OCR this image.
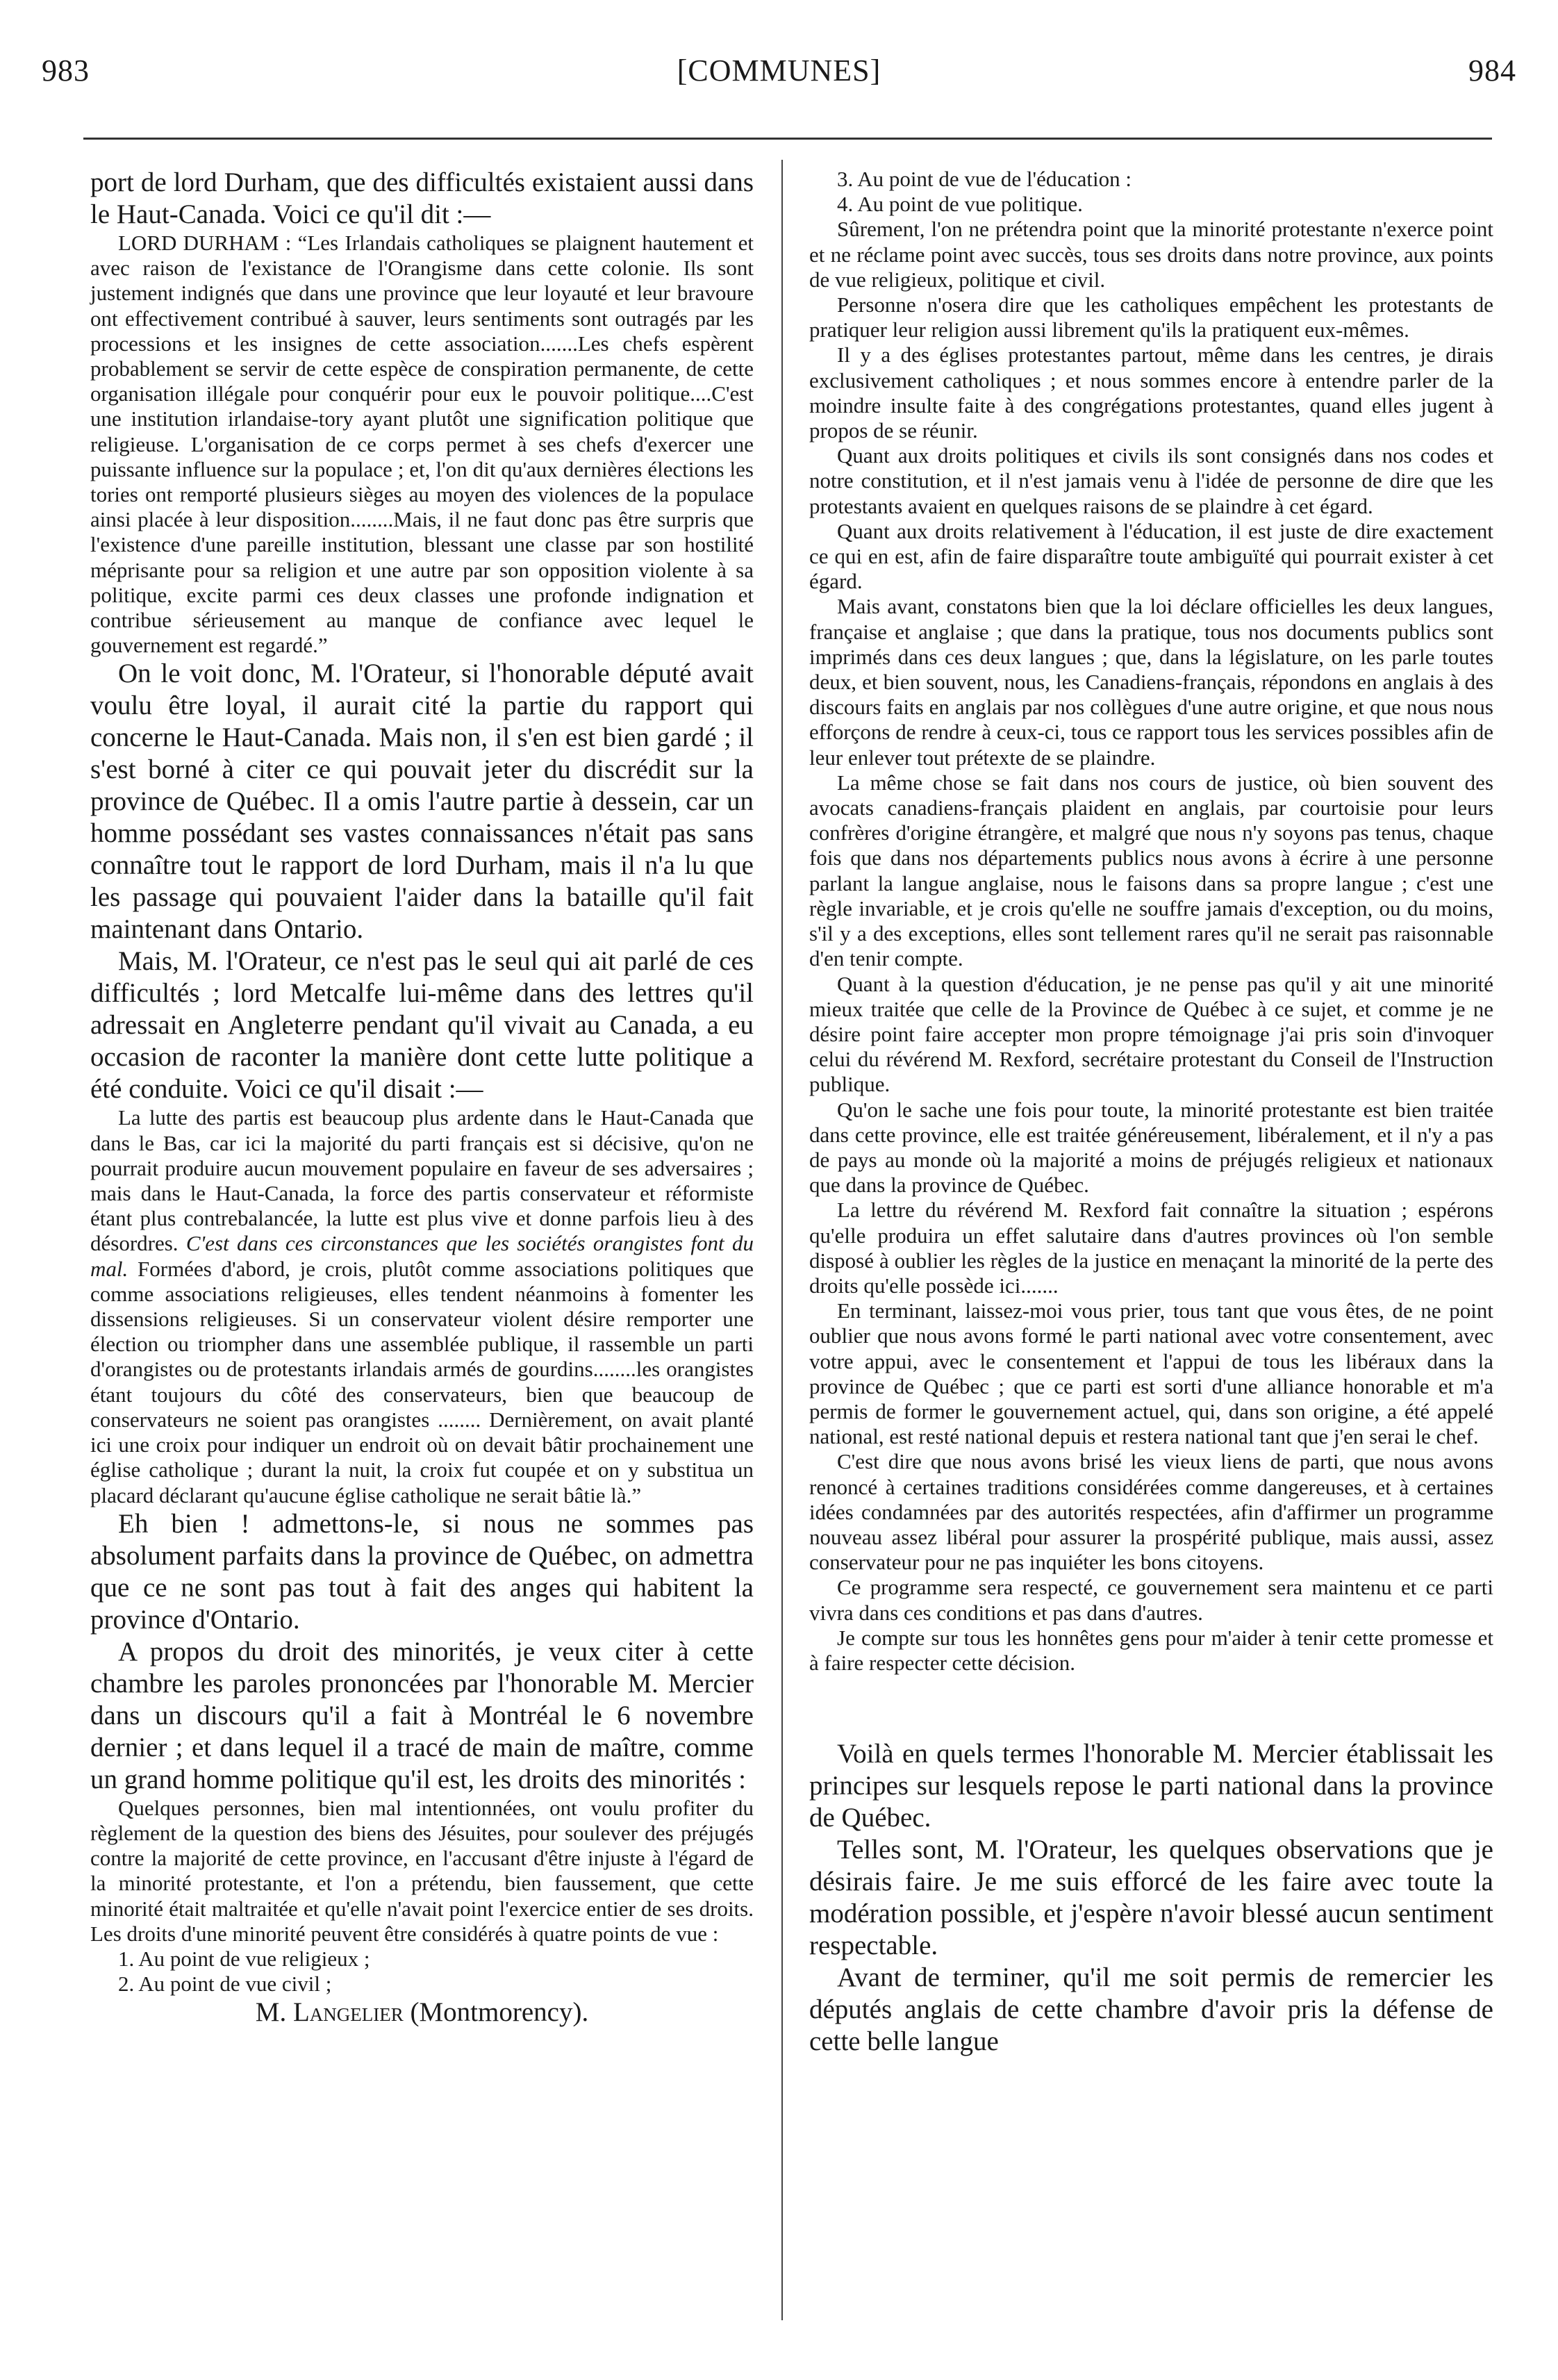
983	[COMMUNES]	984

port de lord Durham, que des difficultés existaient aussi dans le Haut-Canada. Voici ce qu'il dit :—

LORD DURHAM : “Les Irlandais catholiques se plaignent hautement et avec raison de l'existance de l'Orangisme dans cette colonie. Ils sont justement indignés que dans une province que leur loyauté et leur bravoure ont effectivement contribué à sauver, leurs sentiments sont outragés par les processions et les insignes de cette association.......Les chefs espèrent probablement se servir de cette espèce de conspiration permanente, de cette organisation illégale pour conquérir pour eux le pouvoir politique....C'est une institution irlandaise-tory ayant plutôt une signification politique que religieuse. L'organisation de ce corps permet à ses chefs d'exercer une puissante influence sur la populace ; et, l'on dit qu'aux dernières élections les tories ont remporté plusieurs sièges au moyen des violences de la populace ainsi placée à leur disposition........Mais, il ne faut donc pas être surpris que l'existence d'une pareille institution, blessant une classe par son hostilité méprisante pour sa religion et une autre par son opposition violente à sa politique, excite parmi ces deux classes une profonde indignation et contribue sérieusement au manque de confiance avec lequel le gouvernement est regardé.”

On le voit donc, M. l'Orateur, si l'honorable député avait voulu être loyal, il aurait cité la partie du rapport qui concerne le Haut-Canada. Mais non, il s'en est bien gardé ; il s'est borné à citer ce qui pouvait jeter du discrédit sur la province de Québec. Il a omis l'autre partie à dessein, car un homme possédant ses vastes connaissances n'était pas sans connaître tout le rapport de lord Durham, mais il n'a lu que les passage qui pouvaient l'aider dans la bataille qu'il fait maintenant dans Ontario.

Mais, M. l'Orateur, ce n'est pas le seul qui ait parlé de ces difficultés ; lord Metcalfe lui-même dans des lettres qu'il adressait en Angleterre pendant qu'il vivait au Canada, a eu occasion de raconter la manière dont cette lutte politique a été conduite. Voici ce qu'il disait :—

La lutte des partis est beaucoup plus ardente dans le Haut-Canada que dans le Bas, car ici la majorité du parti français est si décisive, qu'on ne pourrait produire aucun mouvement populaire en faveur de ses adversaires ; mais dans le Haut-Canada, la force des partis conservateur et réformiste étant plus contrebalancée, la lutte est plus vive et donne parfois lieu à des désordres. C'est dans ces circonstances que les sociétés orangistes font du mal. Formées d'abord, je crois, plutôt comme associations politiques que comme associations religieuses, elles tendent néanmoins à fomenter les dissensions religieuses. Si un conservateur violent désire remporter une élection ou triompher dans une assemblée publique, il rassemble un parti d'orangistes ou de protestants irlandais armés de gourdins........les orangistes étant toujours du côté des conservateurs, bien que beaucoup de conservateurs ne soient pas orangistes ........ Dernièrement, on avait planté ici une croix pour indiquer un endroit où on devait bâtir prochainement une église catholique ; durant la nuit, la croix fut coupée et on y substitua un placard déclarant qu'aucune église catholique ne serait bâtie là.”

Eh bien ! admettons-le, si nous ne sommes pas absolument parfaits dans la province de Québec, on admettra que ce ne sont pas tout à fait des anges qui habitent la province d'Ontario.

A propos du droit des minorités, je veux citer à cette chambre les paroles prononcées par l'honorable M. Mercier dans un discours qu'il a fait à Montréal le 6 novembre dernier ; et dans lequel il a tracé de main de maître, comme un grand homme politique qu'il est, les droits des minorités :

Quelques personnes, bien mal intentionnées, ont voulu profiter du règlement de la question des biens des Jésuites, pour soulever des préjugés contre la majorité de cette province, en l'accusant d'être injuste à l'égard de la minorité protestante, et l'on a prétendu, bien faussement, que cette minorité était maltraitée et qu'elle n'avait point l'exercice entier de ses droits. Les droits d'une minorité peuvent être considérés à quatre points de vue :

1. Au point de vue religieux ;

2. Au point de vue civil ;

M. Langelier (Montmorency).

3. Au point de vue de l'éducation :

4. Au point de vue politique.

Sûrement, l'on ne prétendra point que la minorité protestante n'exerce point et ne réclame point avec succès, tous ses droits dans notre province, aux points de vue religieux, politique et civil.

Personne n'osera dire que les catholiques empêchent les protestants de pratiquer leur religion aussi librement qu'ils la pratiquent eux-mêmes.

Il y a des églises protestantes partout, même dans les centres, je dirais exclusivement catholiques ; et nous sommes encore à entendre parler de la moindre insulte faite à des congrégations protestantes, quand elles jugent à propos de se réunir.

Quant aux droits politiques et civils ils sont consignés dans nos codes et notre constitution, et il n'est jamais venu à l'idée de personne de dire que les protestants avaient en quelques raisons de se plaindre à cet égard.

Quant aux droits relativement à l'éducation, il est juste de dire exactement ce qui en est, afin de faire disparaître toute ambiguïté qui pourrait exister à cet égard.

Mais avant, constatons bien que la loi déclare officielles les deux langues, française et anglaise ; que dans la pratique, tous nos documents publics sont imprimés dans ces deux langues ; que, dans la législature, on les parle toutes deux, et bien souvent, nous, les Canadiens-français, répondons en anglais à des discours faits en anglais par nos collègues d'une autre origine, et que nous nous efforçons de rendre à ceux-ci, tous ce rapport tous les services possibles afin de leur enlever tout prétexte de se plaindre.

La même chose se fait dans nos cours de justice, où bien souvent des avocats canadiens-français plaident en anglais, par courtoisie pour leurs confrères d'origine étrangère, et malgré que nous n'y soyons pas tenus, chaque fois que dans nos départements publics nous avons à écrire à une personne parlant la langue anglaise, nous le faisons dans sa propre langue ; c'est une règle invariable, et je crois qu'elle ne souffre jamais d'exception, ou du moins, s'il y a des exceptions, elles sont tellement rares qu'il ne serait pas raisonnable d'en tenir compte.

Quant à la question d'éducation, je ne pense pas qu'il y ait une minorité mieux traitée que celle de la Province de Québec à ce sujet, et comme je ne désire point faire accepter mon propre témoignage j'ai pris soin d'invoquer celui du révérend M. Rexford, secrétaire protestant du Conseil de l'Instruction publique.

Qu'on le sache une fois pour toute, la minorité protestante est bien traitée dans cette province, elle est traitée généreusement, libéralement, et il n'y a pas de pays au monde où la majorité a moins de préjugés religieux et nationaux que dans la province de Québec.

La lettre du révérend M. Rexford fait connaître la situation ; espérons qu'elle produira un effet salutaire dans d'autres provinces où l'on semble disposé à oublier les règles de la justice en menaçant la minorité de la perte des droits qu'elle possède ici.......

En terminant, laissez-moi vous prier, tous tant que vous êtes, de ne point oublier que nous avons formé le parti national avec votre consentement, avec votre appui, avec le consentement et l'appui de tous les libéraux dans la province de Québec ; que ce parti est sorti d'une alliance honorable et m'a permis de former le gouvernement actuel, qui, dans son origine, a été appelé national, est resté national depuis et restera national tant que j'en serai le chef.

C'est dire que nous avons brisé les vieux liens de parti, que nous avons renoncé à certaines traditions considérées comme dangereuses, et à certaines idées condamnées par des autorités respectées, afin d'affirmer un programme nouveau assez libéral pour assurer la prospérité publique, mais aussi, assez conservateur pour ne pas inquiéter les bons citoyens.

Ce programme sera respecté, ce gouvernement sera maintenu et ce parti vivra dans ces conditions et pas dans d'autres.

Je compte sur tous les honnêtes gens pour m'aider à tenir cette promesse et à faire respecter cette décision.

Voilà en quels termes l'honorable M. Mercier établissait les principes sur lesquels repose le parti national dans la province de Québec.

Telles sont, M. l'Orateur, les quelques observations que je désirais faire. Je me suis efforcé de les faire avec toute la modération possible, et j'espère n'avoir blessé aucun sentiment respectable.

Avant de terminer, qu'il me soit permis de remercier les députés anglais de cette chambre d'avoir pris la défense de cette belle langue
